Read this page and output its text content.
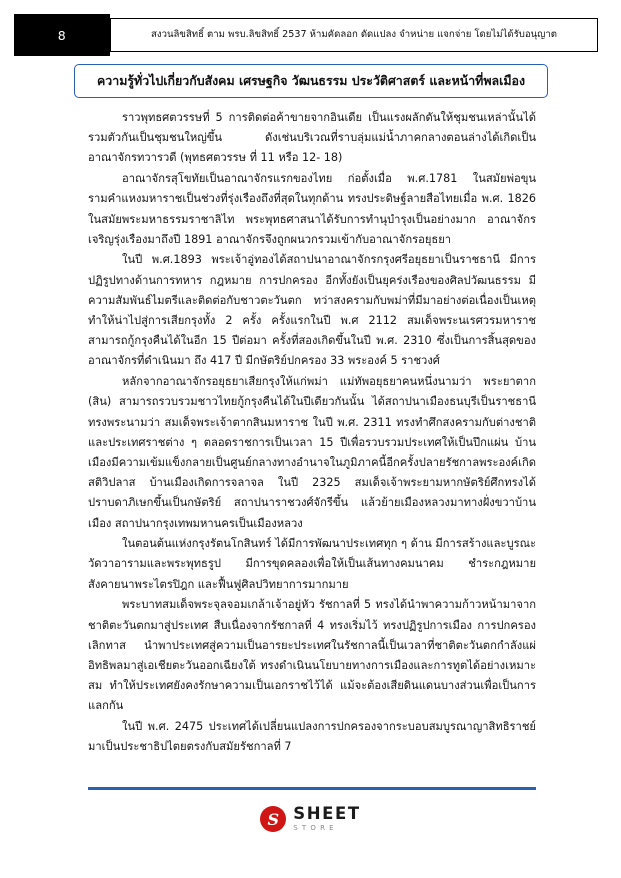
8	สงวนลิขสิทธิ์ ตาม พรบ.ลิขสิทธิ์ 2537 ห้ามคัดลอก ดัดแปลง จำหน่าย แจกจ่าย โดยไม่ได้รับอนุญาต
ความรู้ทั่วไปเกี่ยวกับสังคม เศรษฐกิจ วัฒนธรรม ประวัติศาสตร์ และหน้าที่พลเมือง

ราวพุทธศตวรรษที่ 5 การติดต่อค้าขายจากอินเดีย เป็นแรงผลักดันให้ชุมชนเหล่านั้นได้รวมตัวกันเป็นชุมชนใหญ่ขึ้น ดังเช่นบริเวณที่ราบลุ่มแม่น้ำภาคกลางตอนล่างได้เกิดเป็น อาณาจักรทวารวดี (พุทธศตวรรษ ที่ 11 หรือ 12- 18)

อาณาจักรสุโขทัยเป็นอาณาจักรแรกของไทย ก่อตั้งเมื่อ พ.ศ.1781 ในสมัยพ่อขุนรามคำแหงมหาราชเป็นช่วงที่รุ่งเรืองถึงที่สุดในทุกด้าน ทรงประดิษฐ์ลายสือไทยเมื่อ พ.ศ. 1826 ในสมัยพระมหาธรรมราชาลิไท พระพุทธศาสนาได้รับการทำนุบำรุงเป็นอย่างมาก อาณาจักรเจริญรุ่งเรืองมาถึงปี 1891 อาณาจักรจึงถูกผนวกรวมเข้ากับอาณาจักรอยุธยา

ในปี พ.ศ.1893 พระเจ้าอู่ทองได้สถาปนาอาณาจักรกรุงศรีอยุธยาเป็นราชธานี มีการปฏิรูปทางด้านการทหาร กฎหมาย การปกครอง อีกทั้งยังเป็นยุคร่งเรืองของศิลปวัฒนธรรม มีความสัมพันธ์ไมตรีและติดต่อกับชาวตะวันตก ทว่าสงครามกับพม่าที่มีมาอย่างต่อเนื่องเป็นเหตุทำให้น่าไปสู่การเสียกรุงทั้ง 2 ครั้ง ครั้งแรกในปี พ.ศ 2112 สมเด็จพระนเรศวรมหาราชสามารถกู้กรุงคืนได้ในอีก 15 ปีต่อมา ครั้งที่สองเกิดขึ้นในปี พ.ศ. 2310 ซึ่งเป็นการสิ้นสุดของอาณาจักรที่ดำเนินมา ถึง 417 ปี มีกษัตริย์ปกครอง 33 พระองค์ 5 ราชวงศ์

หลักจากอาณาจักรอยุธยาเสียกรุงให้แก่พม่า แม่ทัพอยุธยาคนหนึ่งนามว่า พระยาตาก (สิน) สามารถรวบรวมชาวไทยกู้กรุงคืนได้ในปีเดียวกันนั้น ได้สถาปนาเมืองธนบุรีเป็นราชธานี ทรงพระนามว่า สมเด็จพระเจ้าตากสินมหาราช ในปี พ.ศ. 2311 ทรงทำศึกสงครามกับต่างชาติและประเทศราชต่าง ๆ ตลอดราชการเป็นเวลา 15 ปีเพื่อรวบรวมประเทศให้เป็นปึกแผ่น บ้านเมืองมีความเข้มแข็งกลายเป็นศูนย์กลางทางอำนาจในภูมิภาคนี้อีกครั้งปลายรัชกาลพระองค์เกิดสติวิปลาส บ้านเมืองเกิดการจลาจล ในปี 2325 สมเด็จเจ้าพระยามหากษัตริย์ศึกทรงได้ปราบดาภิเษกขึ้นเป็นกษัตริย์ สถาปนาราชวงศ์จักรีขึ้น แล้วย้ายเมืองหลวงมาทางฝั่งขวาบ้านเมือง สถาปนากรุงเทพมหานครเป็นเมืองหลวง

ในตอนต้นแห่งกรุงรัตนโกสินทร์ ได้มีการพัฒนาประเทศทุก ๆ ด้าน มีการสร้างและบูรณะวัดวาอารามและพระพุทธรูป มีการขุดคลองเพื่อให้เป็นเส้นทางคมนาคม ชำระกฎหมาย สังคายนาพระไตรปิฎก และฟื้นฟูศิลปวิทยาการมากมาย

พระบาทสมเด็จพระจุลจอมเกล้าเจ้าอยู่หัว รัชกาลที่ 5 ทรงได้นำพาความก้าวหน้ามาจากชาติตะวันตกมาสู่ประเทศ สืบเนื่องจากรัชกาลที่ 4 ทรงเริ่มไว้ ทรงปฏิรูปการเมือง การปกครอง เลิกทาส นำพาประเทศสู่ความเป็นอารยะประเทศในรัชกาลนี้เป็นเวลาที่ชาติตะวันตกกำลังแผ่อิทธิพลมาสู่เอเชียตะวันออกเฉียงใต้ ทรงดำเนินนโยบายทางการเมืองและการทูตได้อย่างเหมาะสม ทำให้ประเทศยังคงรักษาความเป็นเอกราชไว้ได้ แม้จะต้องเสียดินแดนบางส่วนเพื่อเป็นการแลกกัน

ในปี พ.ศ. 2475 ประเทศได้เปลี่ยนแปลงการปกครองจากระบอบสมบูรณาญาสิทธิราชย์มาเป็นประชาธิปไตยตรงกับสมัยรัชกาลที่ 7

S SHEET
STORE
